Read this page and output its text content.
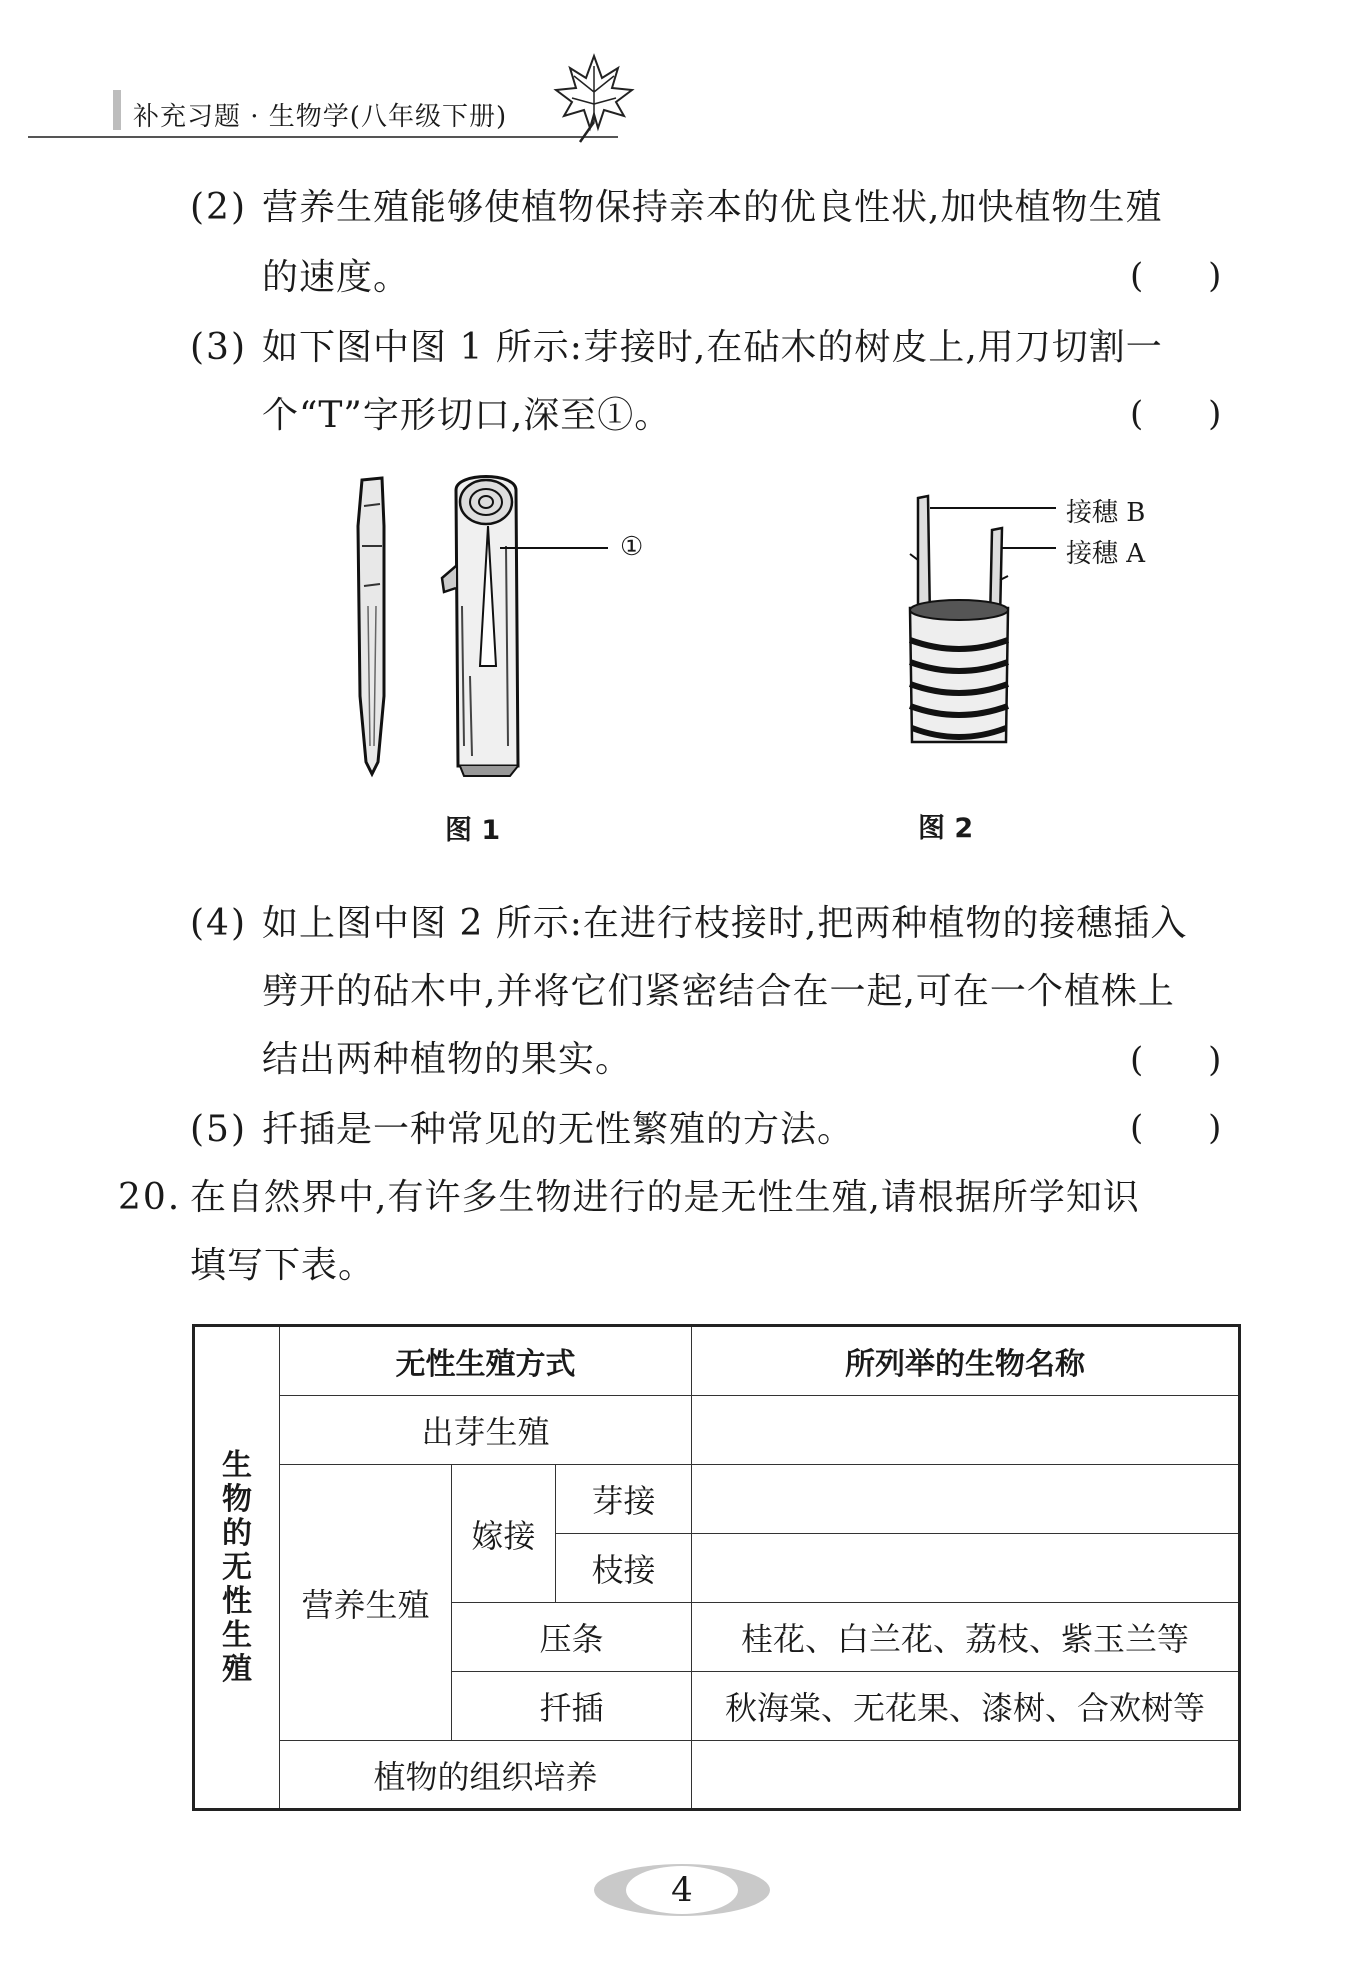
补充习题 · 生物学(八年级下册)
(2) 营养生殖能够使植物保持亲本的优良性状,加快植物生殖
的速度。	(      )
(3) 如下图中图 1 所示:芽接时,在砧木的树皮上,用刀切割一
个“T”字形切口,深至①。	(      )
①
图 1
接穗 B
接穗 A
图 2
(4) 如上图中图 2 所示:在进行枝接时,把两种植物的接穗插入
劈开的砧木中,并将它们紧密结合在一起,可在一个植株上
结出两种植物的果实。	(      )
(5) 扦插是一种常见的无性繁殖的方法。	(      )
20. 在自然界中,有许多生物进行的是无性生殖,请根据所学知识
填写下表。
生物的无性生殖	无性生殖方式			所列举的生物名称
	出芽生殖			
	营养生殖	嫁接	芽接	
			枝接	
		压条		桂花、白兰花、荔枝、紫玉兰等
		扦插		秋海棠、无花果、漆树、合欢树等
	植物的组织培养			
4
